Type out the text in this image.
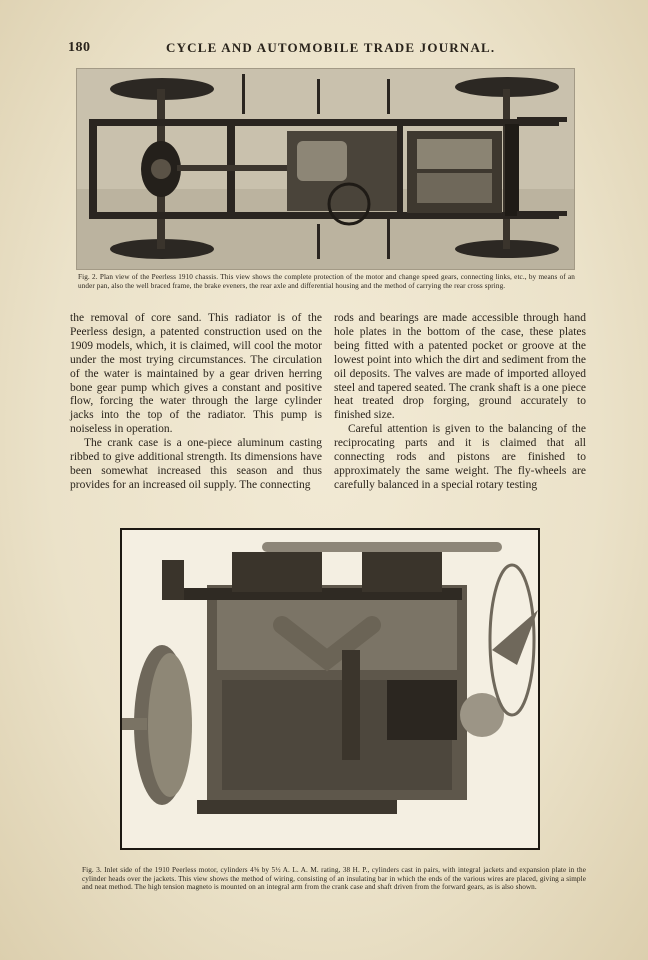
180	CYCLE AND AUTOMOBILE TRADE JOURNAL.
Fig. 2. Plan view of the Peerless 1910 chassis. This view shows the complete protection of the motor and change speed gears, connecting links, etc., by means of an under pan, also the well braced frame, the brake eveners, the rear axle and differential housing and the method of carrying the rear cross spring.

the removal of core sand. This radiator is of the Peerless design, a patented construction used on the 1909 models, which, it is claimed, will cool the motor under the most trying circumstances. The circulation of the water is maintained by a gear driven herring bone gear pump which gives a constant and positive flow, forcing the water through the large cylinder jacks into the top of the radiator. This pump is noiseless in operation.

The crank case is a one-piece aluminum casting ribbed to give additional strength. Its dimensions have been somewhat increased this season and thus provides for an increased oil supply. The connecting

rods and bearings are made accessible through hand hole plates in the bottom of the case, these plates being fitted with a patented pocket or groove at the lowest point into which the dirt and sediment from the oil deposits. The valves are made of imported alloyed steel and tapered seated. The crank shaft is a one piece heat treated drop forging, ground accurately to finished size.

Careful attention is given to the balancing of the reciprocating parts and it is claimed that all connecting rods and pistons are finished to approximately the same weight. The fly-wheels are carefully balanced in a special rotary testing

Fig. 3. Inlet side of the 1910 Peerless motor, cylinders 4⅝ by 5½ A. L. A. M. rating, 38 H. P., cylinders cast in pairs, with integral jackets and expansion plate in the cylinder heads over the jackets. This view shows the method of wiring, consisting of an insulating bar in which the ends of the various wires are placed, giving a simple and neat method. The high tension magneto is mounted on an integral arm from the crank case and shaft driven from the forward gears, as is also shown.
